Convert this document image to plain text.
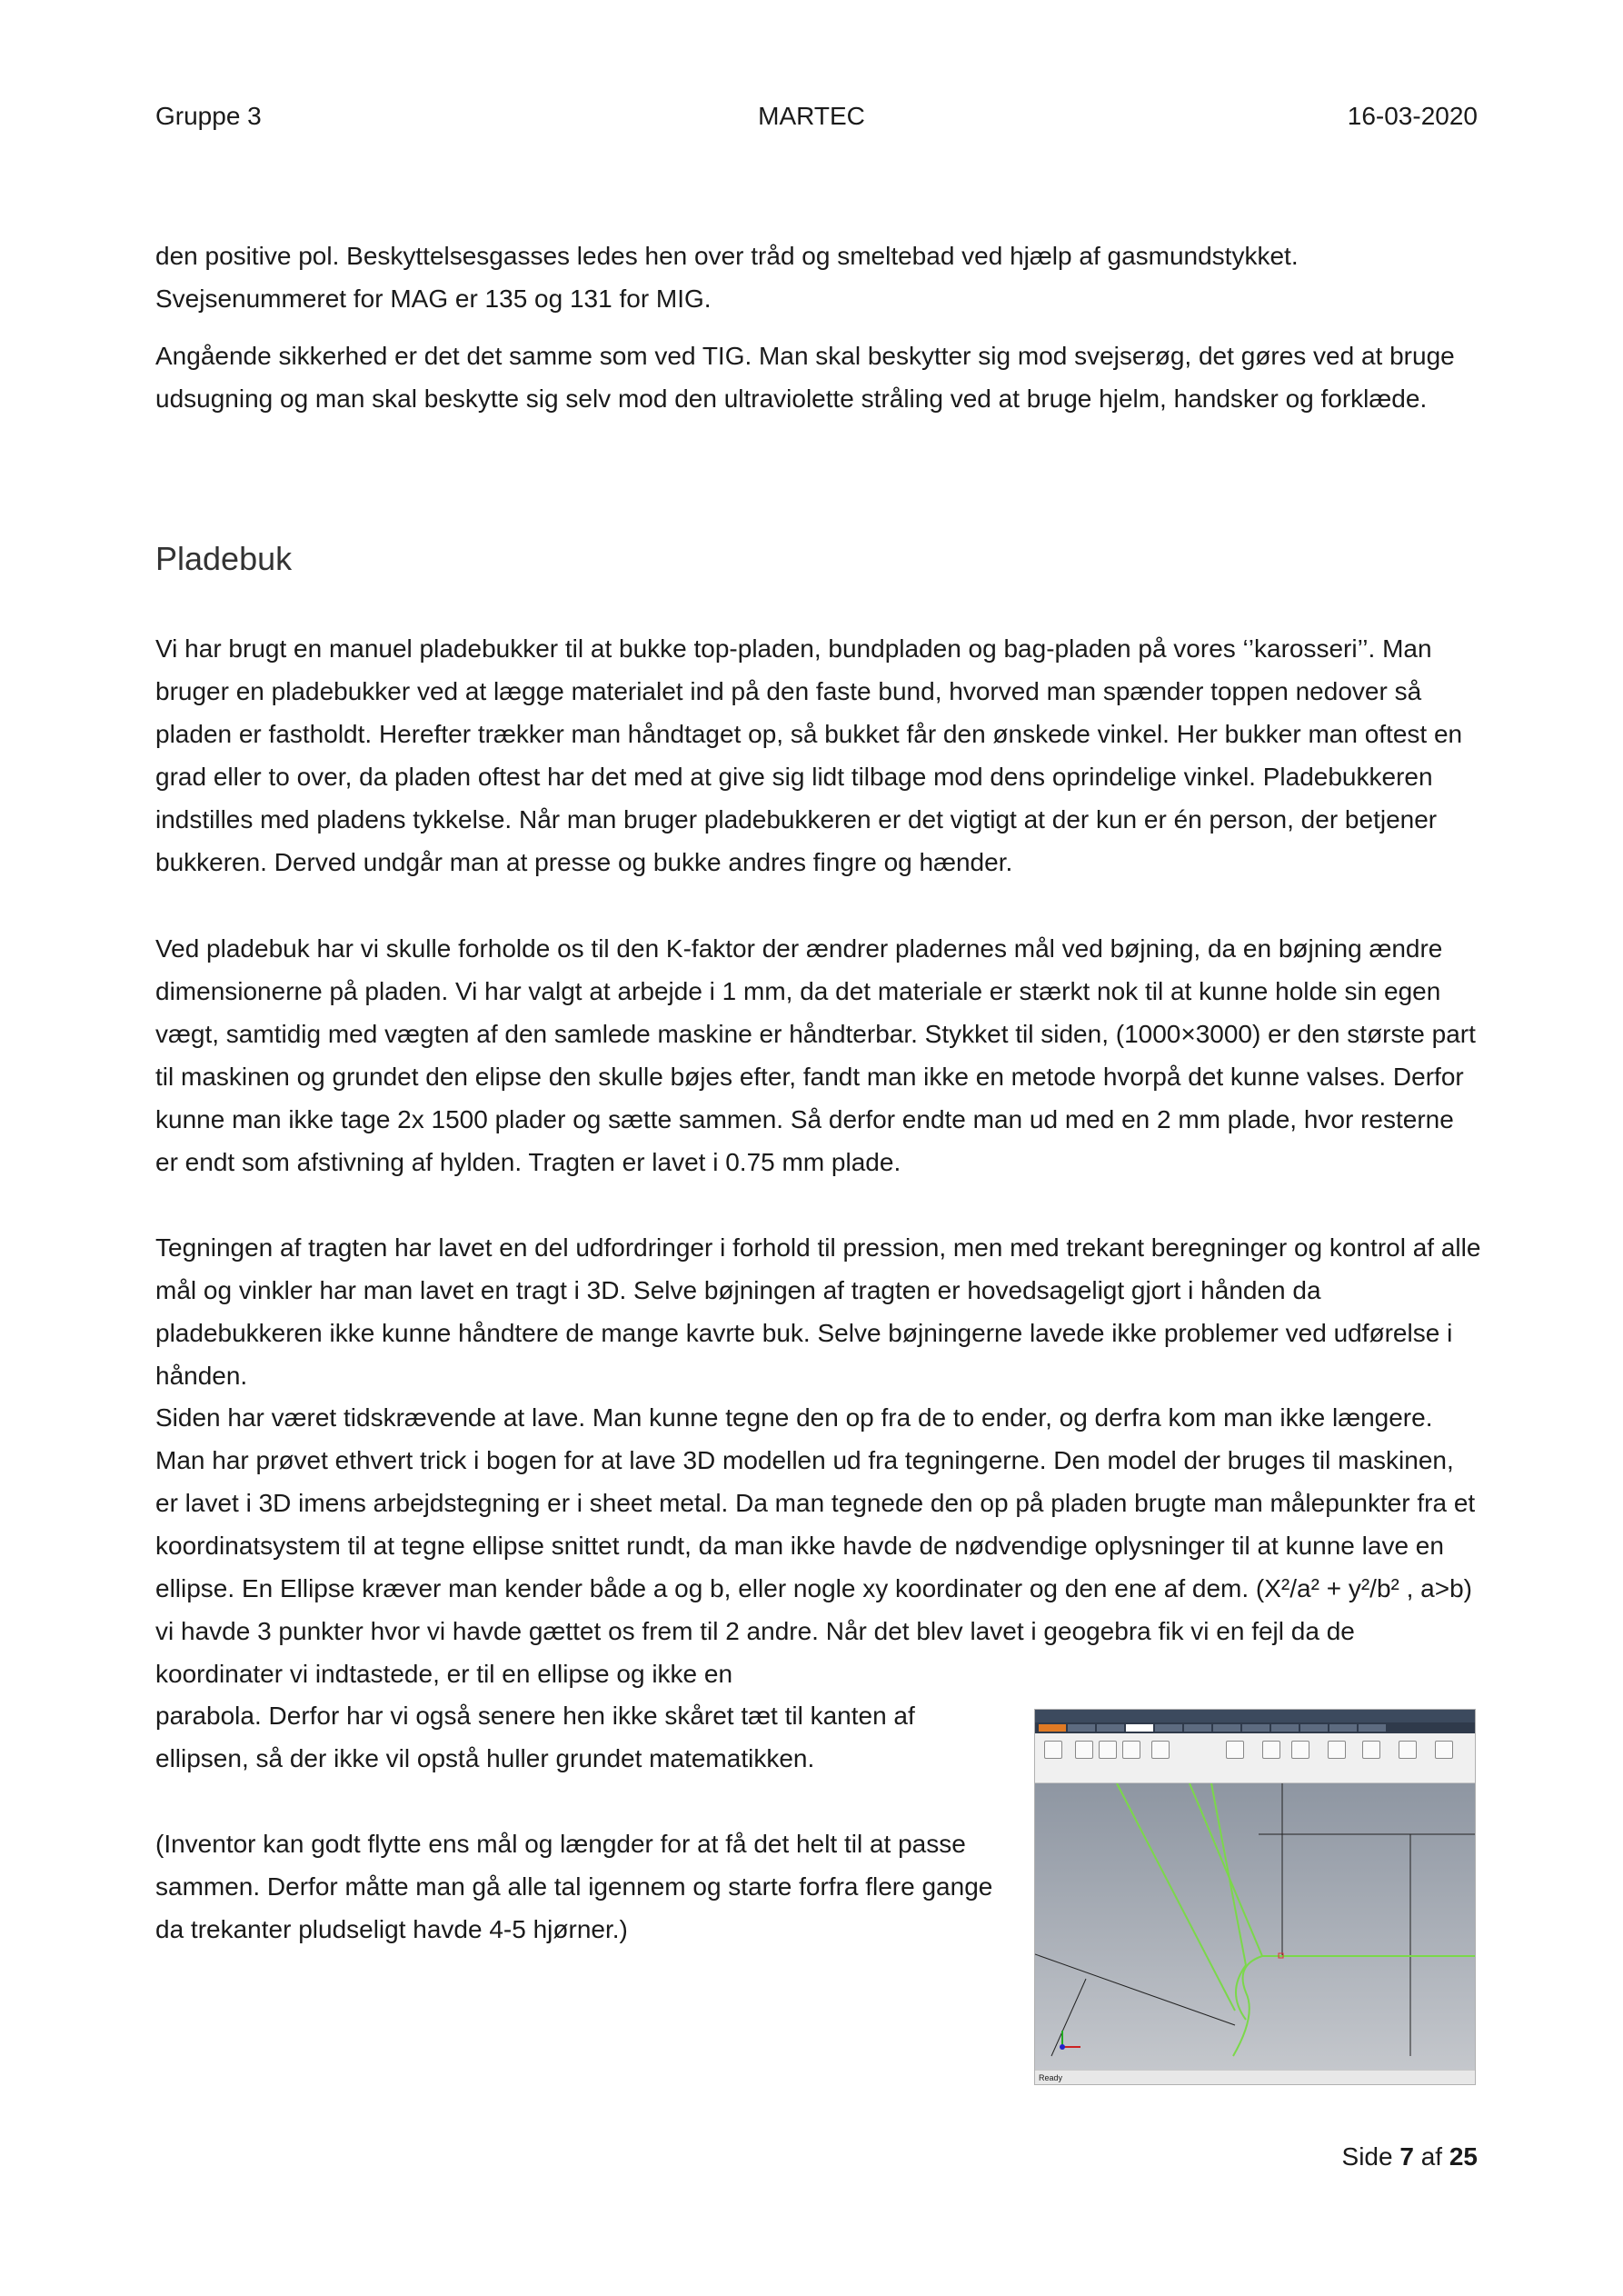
Gruppe 3	MARTEC	16-03-2020

den positive pol. Beskyttelsesgasses ledes hen over tråd og smeltebad ved hjælp af gasmundstykket. Svejsenummeret for MAG er 135 og 131 for MIG.

Angående sikkerhed er det det samme som ved TIG. Man skal beskytter sig mod svejserøg, det gøres ved at bruge udsugning og man skal beskytte sig selv mod den ultraviolette stråling ved at bruge hjelm, handsker og forklæde.

Pladebuk

Vi har brugt en manuel pladebukker til at bukke top-pladen, bundpladen og bag-pladen på vores ‘’karosseri’’. Man bruger en pladebukker ved at lægge materialet ind på den faste bund, hvorved man spænder toppen nedover så pladen er fastholdt. Herefter trækker man håndtaget op, så bukket får den ønskede vinkel. Her bukker man oftest en grad eller to over, da pladen oftest har det med at give sig lidt tilbage mod dens oprindelige vinkel. Pladebukkeren indstilles med pladens tykkelse. Når man bruger pladebukkeren er det vigtigt at der kun er én person, der betjener bukkeren. Derved undgår man at presse og bukke andres fingre og hænder.

Ved pladebuk har vi skulle forholde os til den K-faktor der ændrer pladernes mål ved bøjning, da en bøjning ændre dimensionerne på pladen. Vi har valgt at arbejde i 1 mm, da det materiale er stærkt nok til at kunne holde sin egen vægt, samtidig med vægten af den samlede maskine er håndterbar. Stykket til siden, (1000×3000) er den største part til maskinen og grundet den elipse den skulle bøjes efter, fandt man ikke en metode hvorpå det kunne valses. Derfor kunne man ikke tage 2x 1500 plader og sætte sammen. Så derfor endte man ud med en 2 mm plade, hvor resterne er endt som afstivning af hylden. Tragten er lavet i 0.75 mm plade.

Tegningen af tragten har lavet en del udfordringer i forhold til pression, men med trekant beregninger og kontrol af alle mål og vinkler har man lavet en tragt i 3D. Selve bøjningen af tragten er hovedsageligt gjort i hånden da pladebukkeren ikke kunne håndtere de mange kavrte buk. Selve bøjningerne lavede ikke problemer ved udførelse i hånden.

Siden har været tidskrævende at lave. Man kunne tegne den op fra de to ender, og derfra kom man ikke længere. Man har prøvet ethvert trick i bogen for at lave 3D modellen ud fra tegningerne. Den model der bruges til maskinen, er lavet i 3D imens arbejdstegning er i sheet metal. Da man tegnede den op på pladen brugte man målepunkter fra et koordinatsystem til at tegne ellipse snittet rundt, da man ikke havde de nødvendige oplysninger til at kunne lave en ellipse. En Ellipse kræver man kender både a og b, eller nogle xy koordinater og den ene af dem. (X²/a² + y²/b² , a>b) vi havde 3 punkter hvor vi havde gættet os frem til 2 andre. Når det blev lavet i geogebra fik vi en fejl da de koordinater vi indtastede, er til en ellipse og ikke en

parabola. Derfor har vi også senere hen ikke skåret tæt til kanten af ellipsen, så der ikke vil opstå huller grundet matematikken.

(Inventor kan godt flytte ens mål og længder for at få det helt til at passe sammen. Derfor måtte man gå alle tal igennem og starte forfra flere gange da trekanter pludseligt havde 4-5 hjørner.)

Ready
Side 7 af 25
